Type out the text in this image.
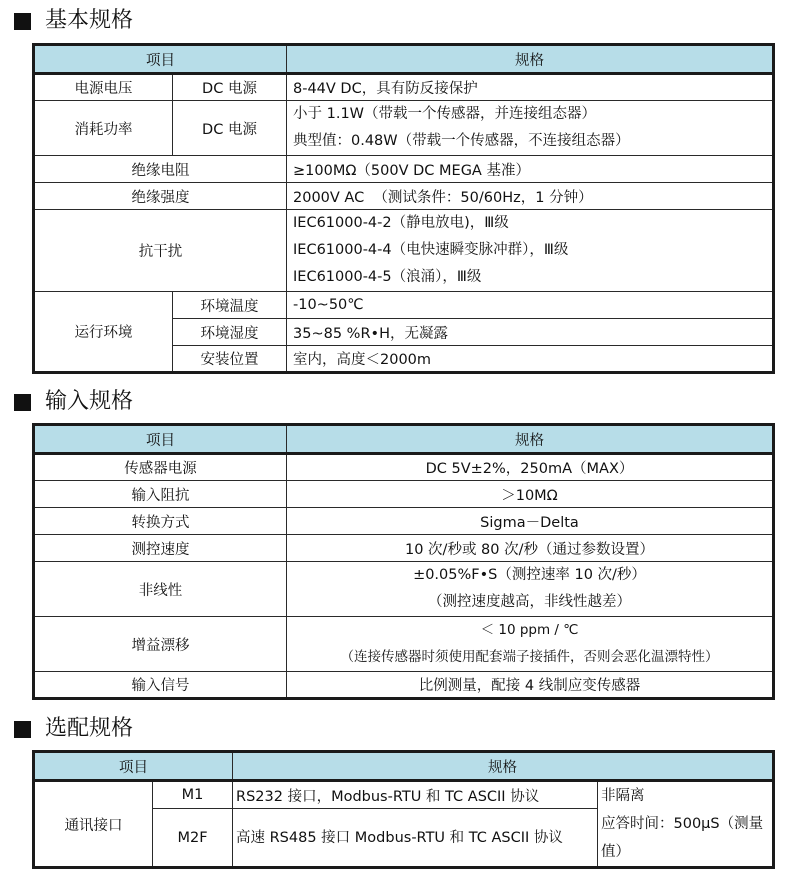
基本规格
项目		规格
电源电压	DC 电源	8-44V DC，具有防反接保护
消耗功率	DC 电源	小于 1.1W（带载一个传感器，并连接组态器）
典型值：0.48W（带载一个传感器，不连接组态器）

绝缘电阻		≥100MΩ（500V DC MEGA 基准）
绝缘强度		2000V AC  （测试条件：50/60Hz，1 分钟）
抗干扰		IEC61000-4-2（静电放电)，Ⅲ级
IEC61000-4-4（电快速瞬变脉冲群），Ⅲ级
IEC61000-4-5（浪涌），Ⅲ级

运行环境	环境温度	-10~50℃
	环境湿度	35~85 %R•H，无凝露
	安装位置	室内，高度＜2000m
输入规格
项目	规格
传感器电源	DC 5V±2%，250mA（MAX）
输入阻抗	＞10MΩ
转换方式	Sigma－Delta
测控速度	10 次/秒或 80 次/秒（通过参数设置）
非线性	±0.05%F•S（测控速率 10 次/秒）
（测控速度越高，非线性越差）

增益漂移	＜ 10 ppm / ℃
（连接传感器时须使用配套端子接插件，否则会恶化温漂特性）

输入信号	比例测量，配接 4 线制应变传感器
选配规格
项目		规格	
通讯接口	M1	RS232 接口，Modbus-RTU 和 TC ASCII 协议	非隔离
应答时间：500μS（测量值）

	M2F	高速 RS485 接口 Modbus-RTU 和 TC ASCII 协议	
